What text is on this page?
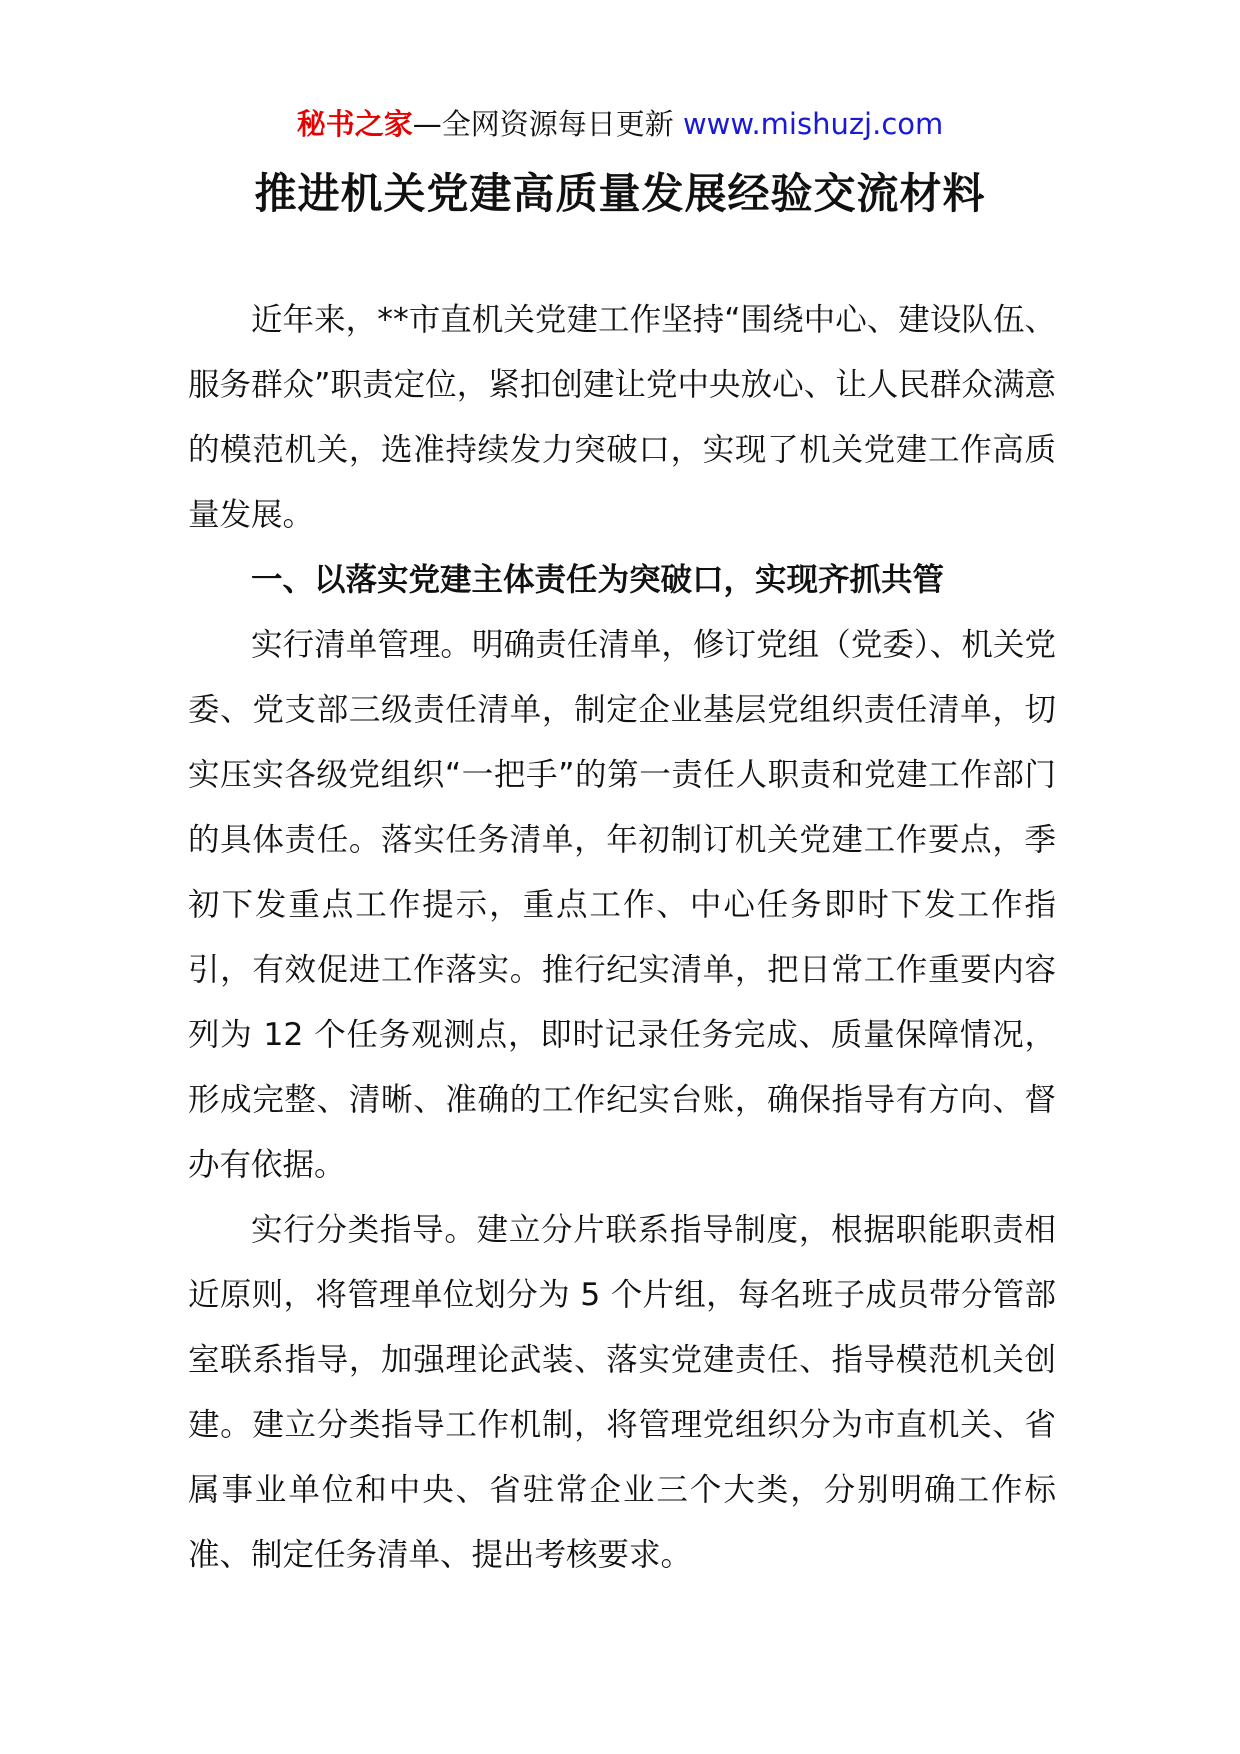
秘书之家—全网资源每日更新 www.mishuzj.com
推进机关党建高质量发展经验交流材料

近年来，**市直机关党建工作坚持“围绕中心、建设队伍、服务群众”职责定位，紧扣创建让党中央放心、让人民群众满意的模范机关，选准持续发力突破口，实现了机关党建工作高质量发展。

一、以落实党建主体责任为突破口，实现齐抓共管

实行清单管理。明确责任清单，修订党组（党委）、机关党委、党支部三级责任清单，制定企业基层党组织责任清单，切实压实各级党组织“一把手”的第一责任人职责和党建工作部门的具体责任。落实任务清单，年初制订机关党建工作要点，季初下发重点工作提示，重点工作、中心任务即时下发工作指引，有效促进工作落实。推行纪实清单，把日常工作重要内容列为 12 个任务观测点，即时记录任务完成、质量保障情况，形成完整、清晰、准确的工作纪实台账，确保指导有方向、督办有依据。

实行分类指导。建立分片联系指导制度，根据职能职责相近原则，将管理单位划分为 5 个片组，每名班子成员带分管部室联系指导，加强理论武装、落实党建责任、指导模范机关创建。建立分类指导工作机制，将管理党组织分为市直机关、省属事业单位和中央、省驻常企业三个大类，分别明确工作标准、制定任务清单、提出考核要求。
